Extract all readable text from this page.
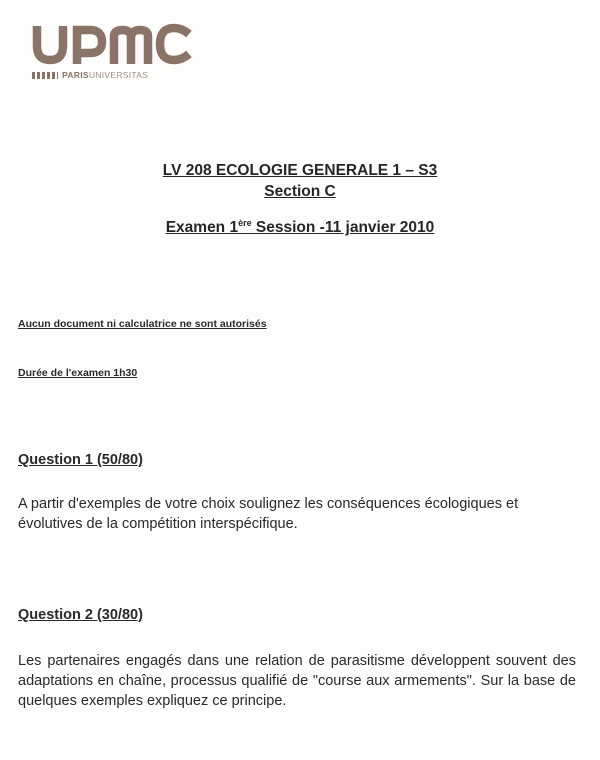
PARISUNIVERSITAS
LV 208 ECOLOGIE GENERALE 1 – S3
Section C
Examen 1ère Session -11 janvier 2010
Aucun document ni calculatrice ne sont autorisés
Durée de l'examen 1h30
Question 1 (50/80)
A partir d'exemples de votre choix soulignez les conséquences écologiques et évolutives de la compétition interspécifique.
Question 2 (30/80)
Les partenaires engagés dans une relation de parasitisme développent souvent des adaptations en chaîne, processus qualifié de "course aux armements". Sur la base de quelques exemples expliquez ce principe.
